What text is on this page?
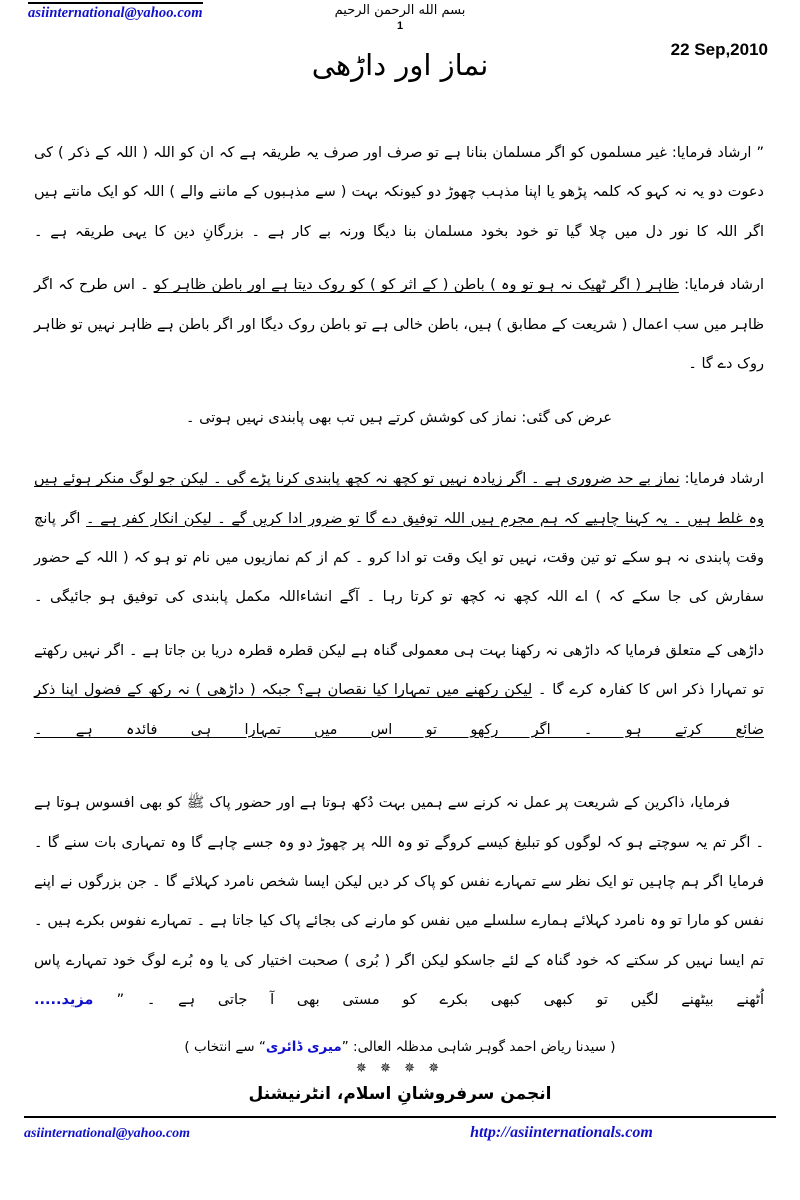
asiinternational@yahoo.com	بسم الله الرحمن الرحيم
1
22 Sep,2010
نماز اور داڑھی

” ارشاد فرمایا: غیر مسلموں کو اگر مسلمان بنانا ہے تو صرف اور صرف یہ طریقہ ہے کہ ان کو اللہ ( اللہ کے ذکر ) کی دعوت دو یہ نہ کہو کہ کلمہ پڑھو یا اپنا مذہب چھوڑ دو کیونکہ بہت ( سے مذہبوں کے ماننے والے ) اللہ کو ایک مانتے ہیں اگر اللہ کا نور دل میں چلا گیا تو خود بخود مسلمان بنا دیگا ورنہ بے کار ہے ۔ بزرگانِ دین کا یہی طریقہ ہے ۔

ارشاد فرمایا: ظاہر ( اگر ٹھیک نہ ہو تو وہ ) باطن ( کے اثر کو ) کو روک دیتا ہے اور باطن ظاہر کو ۔ اس طرح کہ اگر ظاہر میں سب اعمال ( شریعت کے مطابق ) ہیں، باطن خالی ہے تو باطن روک دیگا اور اگر باطن ہے ظاہر نہیں تو ظاہر روک دے گا ۔

عرض کی گئی: نماز کی کوشش کرتے ہیں تب بھی پابندی نہیں ہوتی ۔

ارشاد فرمایا: نماز بے حد ضروری ہے ۔ اگر زیادہ نہیں تو کچھ نہ کچھ پابندی کرنا پڑے گی ۔ لیکن جو لوگ منکر ہوئے ہیں وہ غلط ہیں ۔ یہ کہنا چاہیے کہ ہم مجرم ہیں اللہ توفیق دے گا تو ضرور ادا کریں گے ۔ لیکن انکار کفر ہے ۔ اگر پانچ وقت پابندی نہ ہو سکے تو تین وقت، نہیں تو ایک وقت تو ادا کرو ۔ کم از کم نمازیوں میں نام تو ہو کہ ( اللہ کے حضور سفارش کی جا سکے کہ ) اے اللہ کچھ نہ کچھ تو کرتا رہا ۔ آگے انشاءاللہ مکمل پابندی کی توفیق ہو جائیگی ۔

داڑھی کے متعلق فرمایا کہ داڑھی نہ رکھنا بہت ہی معمولی گناہ ہے لیکن قطرہ قطرہ دریا بن جاتا ہے ۔ اگر نہیں رکھتے تو تمہارا ذکر اس کا کفارہ کرے گا ۔ لیکن رکھنے میں تمہارا کیا نقصان ہے؟ جبکہ ( داڑھی ) نہ رکھ کے فضول اپنا ذکر ضائع کرتے ہو ۔ اگر رکھو تو اس میں تمہارا ہی فائدہ ہے ۔

فرمایا، ذاکرین کے شریعت پر عمل نہ کرنے سے ہمیں بہت دُکھ ہوتا ہے اور حضور پاک ﷺ کو بھی افسوس ہوتا ہے ۔ اگر تم یہ سوچتے ہو کہ لوگوں کو تبلیغ کیسے کروگے تو وہ اللہ پر چھوڑ دو وہ جسے چاہے گا وہ تمہاری بات سنے گا ۔ فرمایا اگر ہم چاہیں تو ایک نظر سے تمہارے نفس کو پاک کر دیں لیکن ایسا شخص نامرد کہلائے گا ۔ جن بزرگوں نے اپنے نفس کو مارا تو وہ نامرد کہلائے ہمارے سلسلے میں نفس کو مارنے کی بجائے پاک کیا جاتا ہے ۔ تمہارے نفوس بکرے ہیں ۔ تم ایسا نہیں کر سکتے کہ خود گناہ کے لئے جاسکو لیکن اگر ( بُری ) صحبت اختیار کی یا وہ بُرے لوگ خود تمہارے پاس اُٹھنے بیٹھنے لگیں تو کبھی کبھی بکرے کو مستی بھی آ جاتی ہے ۔ ” مزید.....

( سیدنا ریاض احمد گوہر شاہی مدظلہ العالی: ”میری ڈائری“ سے انتخاب )
✵ ✵ ✵ ✵
انجمن سرفروشانِ اسلام، انٹرنیشنل
asiinternational@yahoo.com	http://asiinternationals.com
